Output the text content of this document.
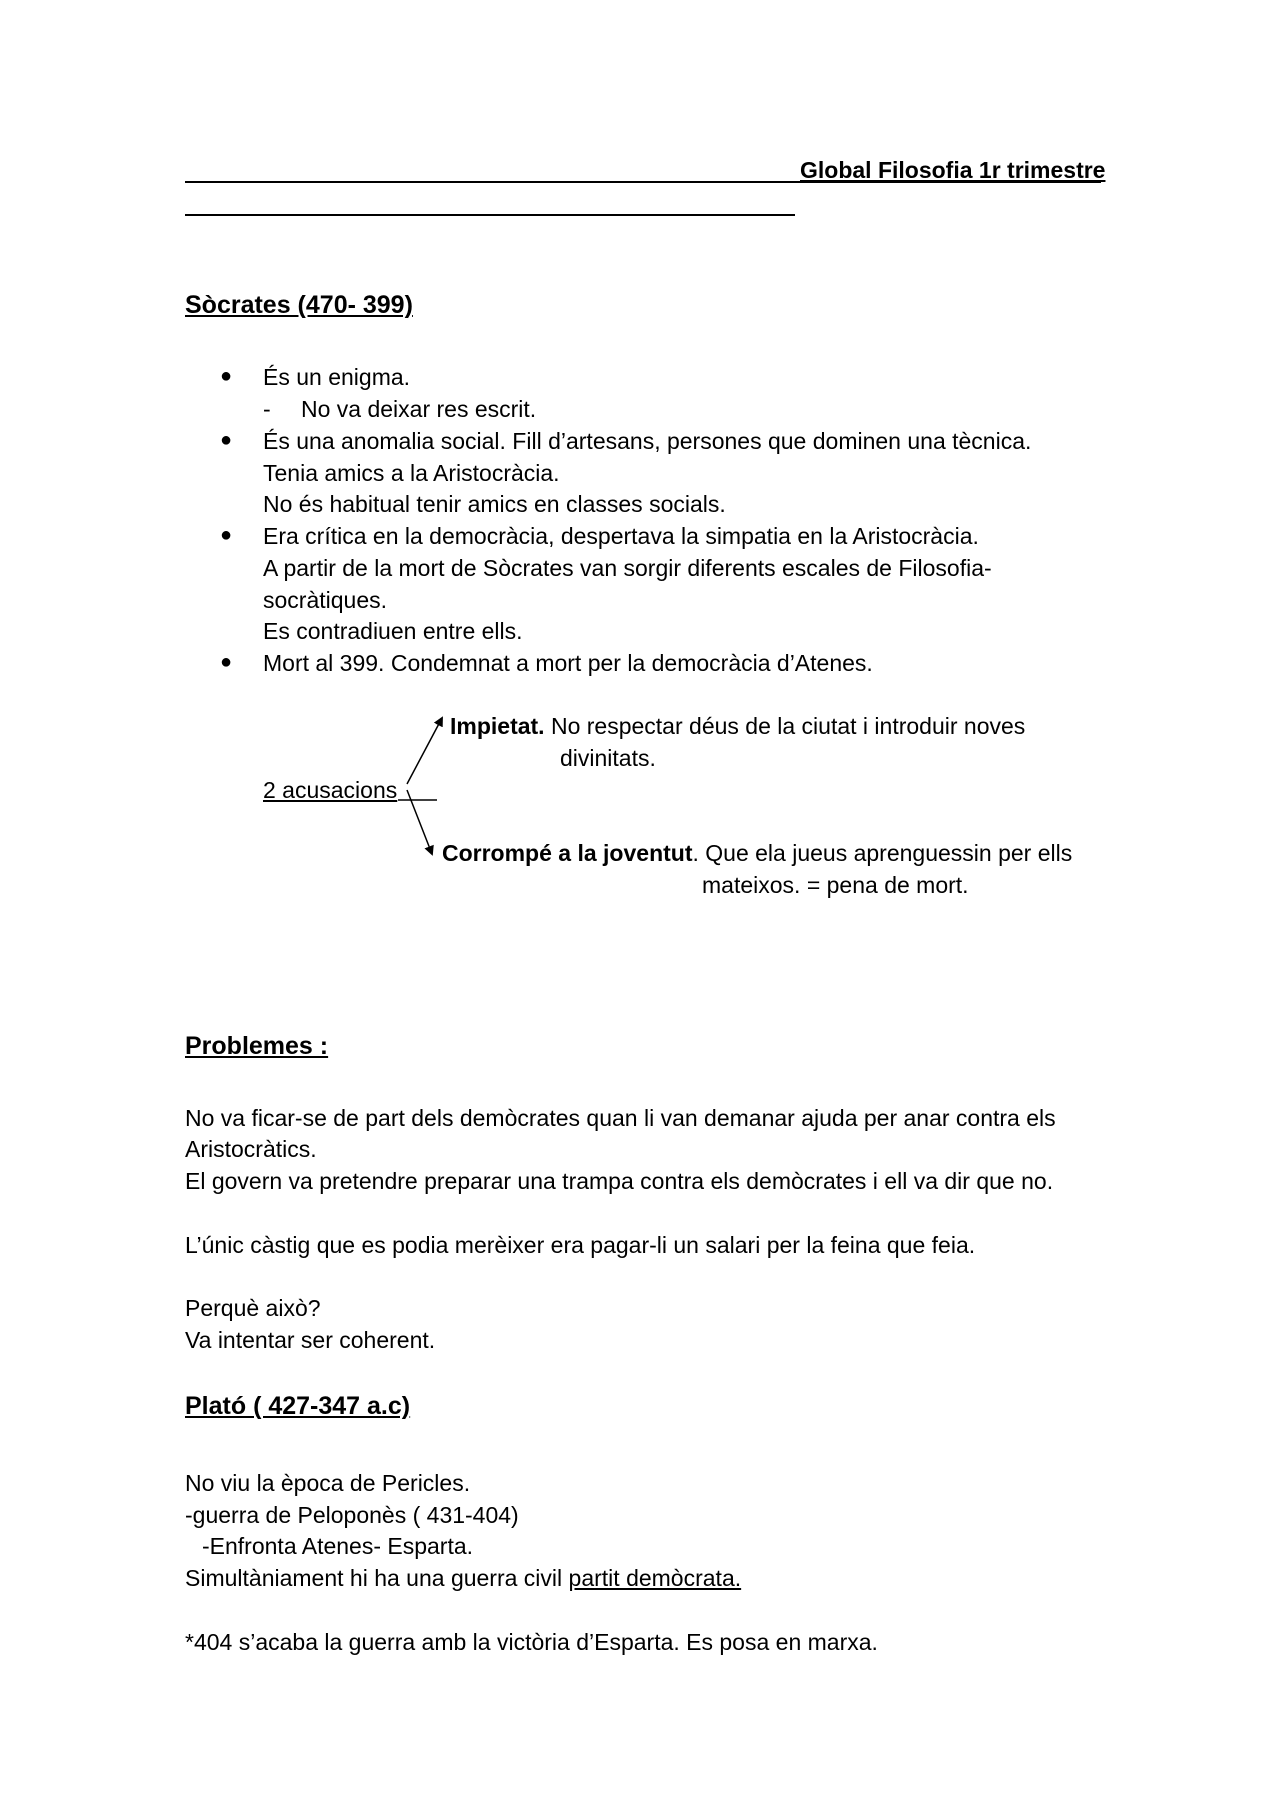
Global Filosofia 1r trimestre
Sòcrates (470- 399)
● És un enigma.
- No va deixar res escrit.
● És una anomalia social. Fill d’artesans, persones que dominen una tècnica.
Tenia amics a la Aristocràcia.
No és habitual tenir amics en classes socials.
● Era crítica en la democràcia, despertava la simpatia en la Aristocràcia.
A partir de la mort de Sòcrates van sorgir diferents escales de Filosofia-
socràtiques.
Es contradiuen entre ells.
● Mort al 399. Condemnat a mort per la democràcia d’Atenes.
2 acusacions
Impietat. No respectar déus de la ciutat i introduir noves
divinitats.
Corrompé a la joventut. Que ela jueus aprenguessin per ells
mateixos. = pena de mort.
Problemes :
No va ficar-se de part dels demòcrates quan li van demanar ajuda per anar contra els
Aristocràtics.
El govern va pretendre preparar una trampa contra els demòcrates i ell va dir que no.
L’únic càstig que es podia merèixer era pagar-li un salari per la feina que feia.
Perquè això?
Va intentar ser coherent.
Plató ( 427-347 a.c)
No viu la època de Pericles.
-guerra de Peloponès ( 431-404)
-Enfronta Atenes- Esparta.
Simultàniament hi ha una guerra civil partit demòcrata.
*404 s’acaba la guerra amb la victòria d’Esparta. Es posa en marxa.
